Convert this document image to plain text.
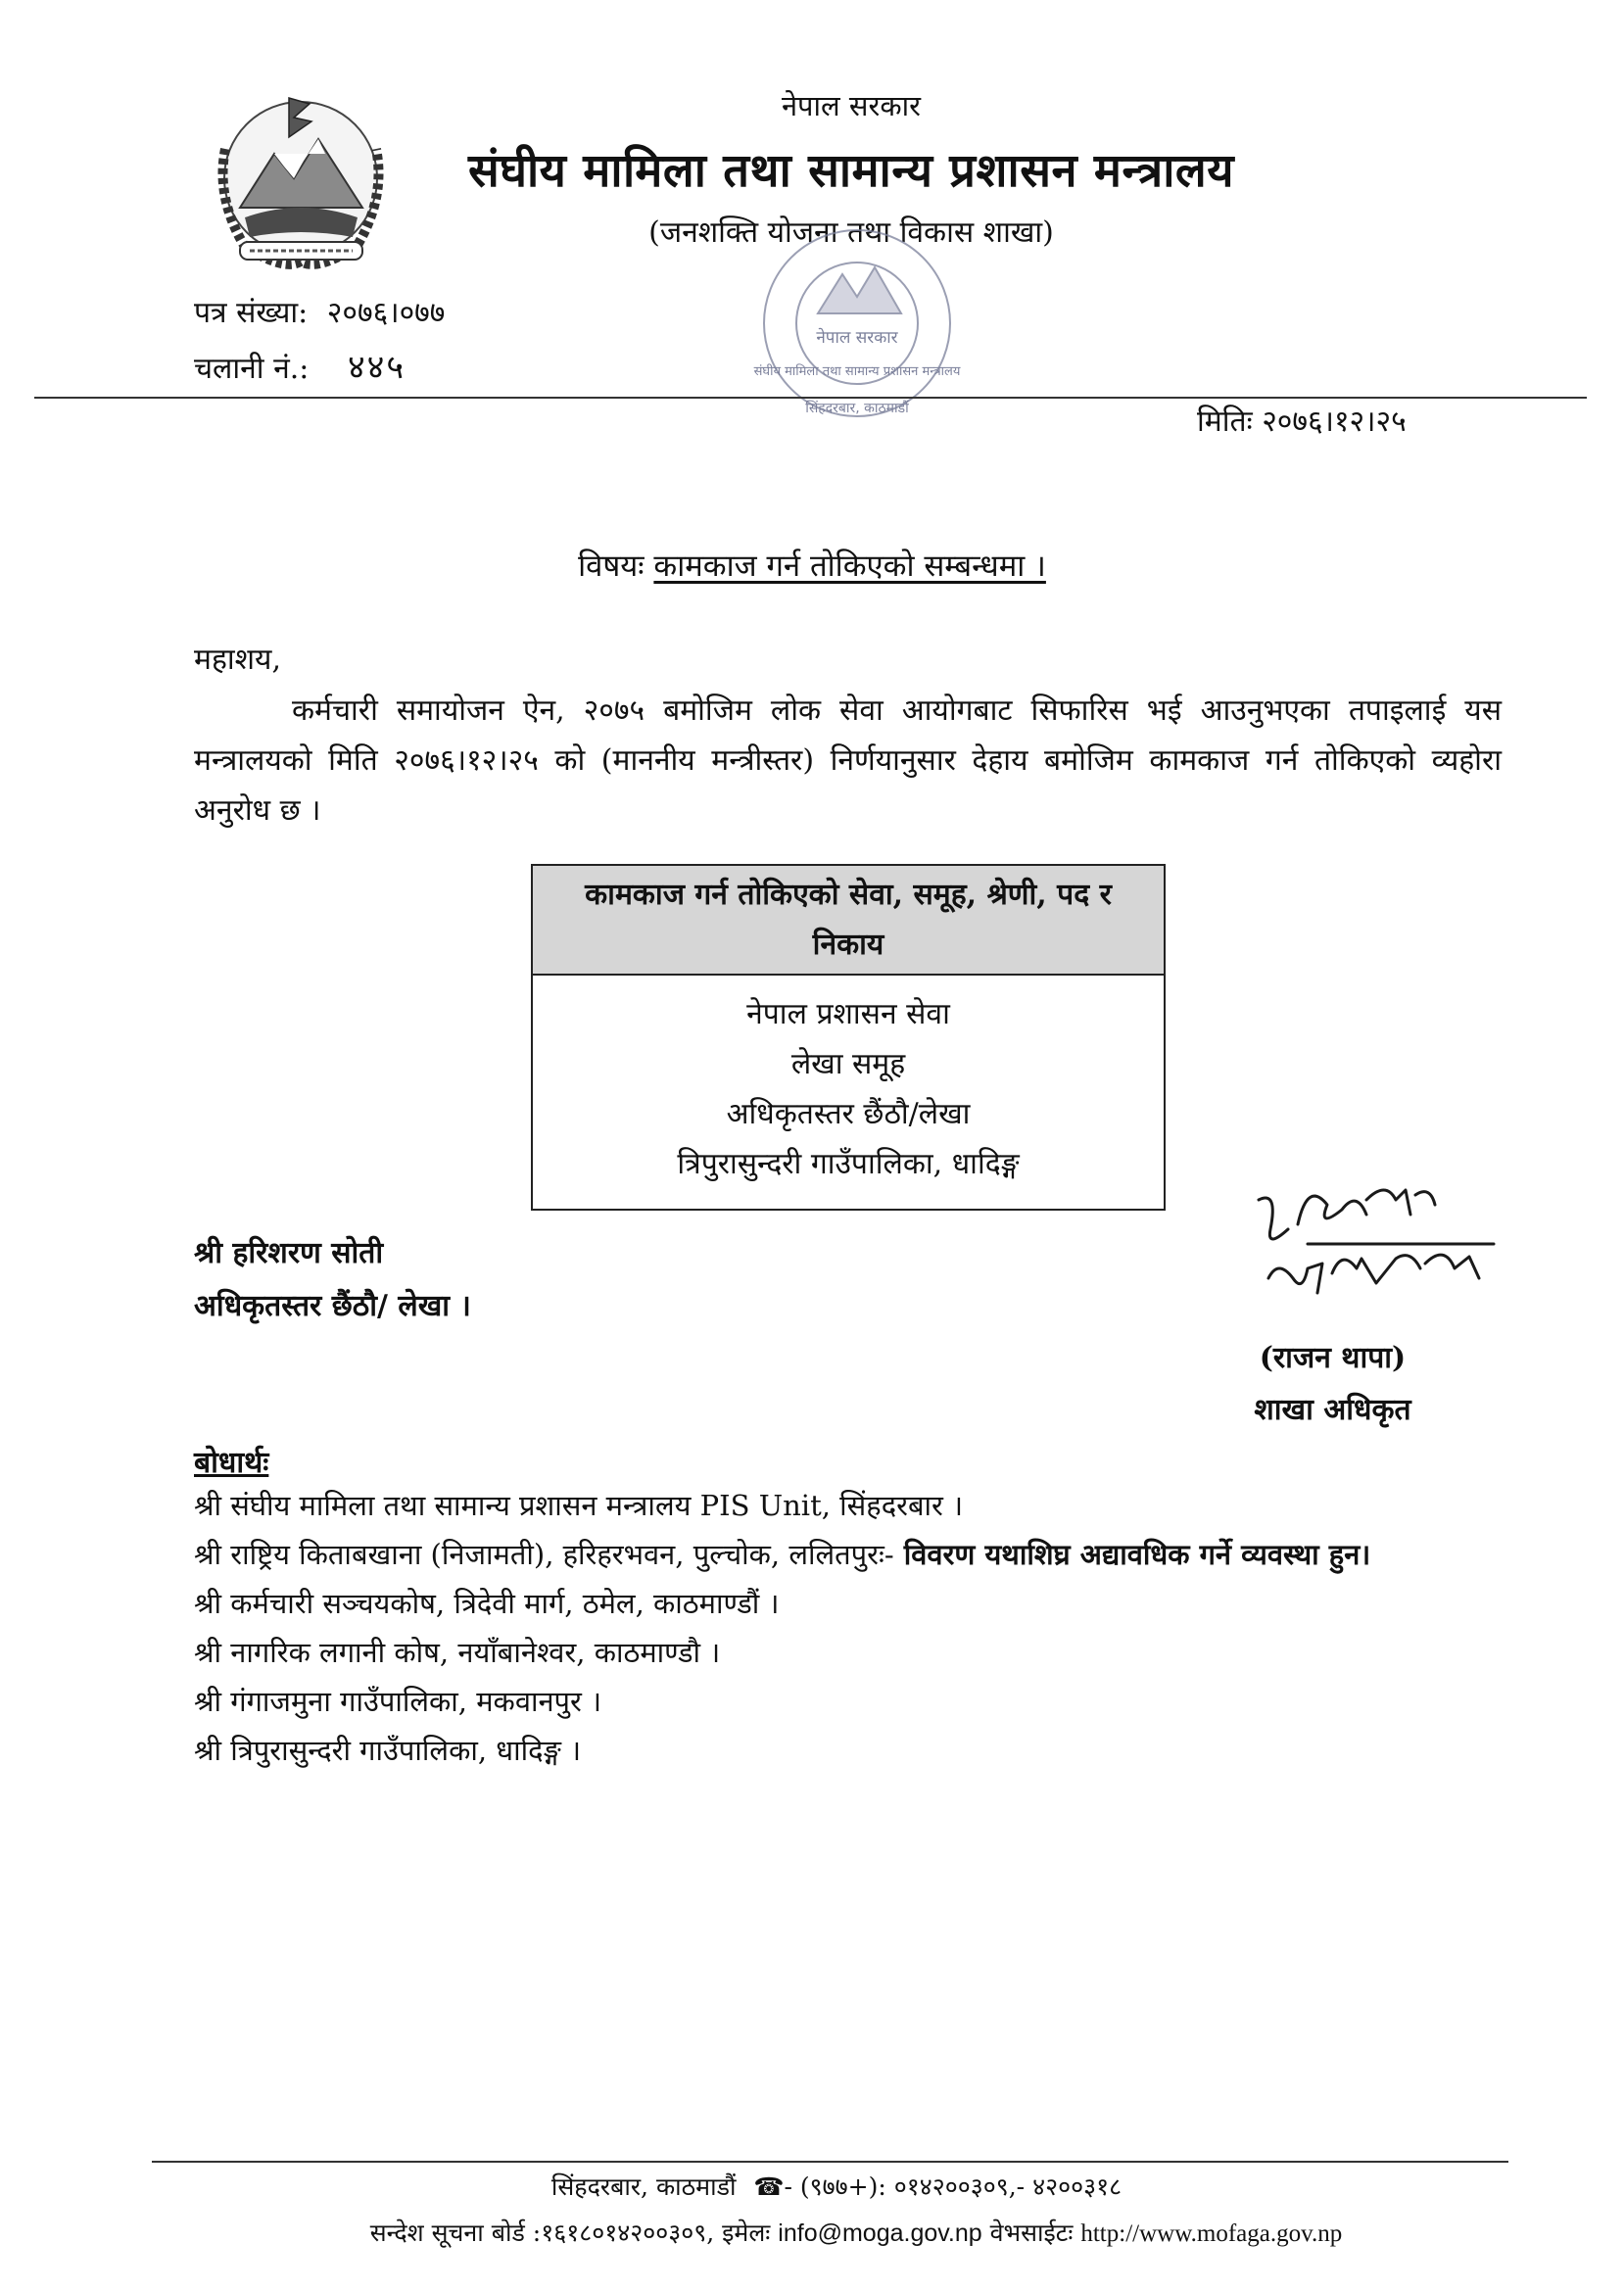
नेपाल सरकार
संघीय मामिला तथा सामान्य प्रशासन मन्त्रालय
(जनशक्ति योजना तथा विकास शाखा)
पत्र संख्या: २०७६।०७७
चलानी नं.: ४४५
नेपाल सरकार
संघीय मामिला तथा सामान्य प्रशासन मन्त्रालय
सिंहदरबार, काठमाडौं	मितिः २०७६।१२।२५
विषयः कामकाज गर्न तोकिएको सम्बन्धमा ।
महाशय,
कर्मचारी समायोजन ऐन, २०७५ बमोजिम लोक सेवा आयोगबाट सिफारिस भई आउनुभएका तपाइलाई यस मन्त्रालयको मिति २०७६।१२।२५ को (माननीय मन्त्रीस्तर) निर्णयानुसार देहाय बमोजिम कामकाज गर्न तोकिएको व्यहोरा अनुरोध छ ।
कामकाज गर्न तोकिएको सेवा, समूह, श्रेणी, पद र निकाय

नेपाल प्रशासन सेवा
लेखा समूह
अधिकृतस्तर छैंठौ/लेखा
त्रिपुरासुन्दरी गाउँपालिका, धादिङ्ग
श्री हरिशरण सोती
अधिकृतस्तर छैंठौ/ लेखा ।
(राजन थापा)
शाखा अधिकृत
बोधार्थः
श्री संघीय मामिला तथा सामान्य प्रशासन मन्त्रालय PIS Unit, सिंहदरबार ।
श्री राष्ट्रिय किताबखाना (निजामती), हरिहरभवन, पुल्चोक, ललितपुरः- विवरण यथाशिघ्र अद्यावधिक गर्ने व्यवस्था हुन।
श्री कर्मचारी सञ्चयकोष, त्रिदेवी मार्ग, ठमेल, काठमाण्डौं ।
श्री नागरिक लगानी कोष, नयाँबानेश्वर, काठमाण्डौ ।
श्री गंगाजमुना गाउँपालिका, मकवानपुर ।
श्री त्रिपुरासुन्दरी गाउँपालिका, धादिङ्ग ।
सिंहदरबार, काठमाडौं ☎- (९७७+): ०१४२००३०९,- ४२००३१८
सन्देश सूचना बोर्ड :१६१८०१४२००३०९, इमेलः info@moga.gov.np वेभसाईटः http://www.mofaga.gov.np
